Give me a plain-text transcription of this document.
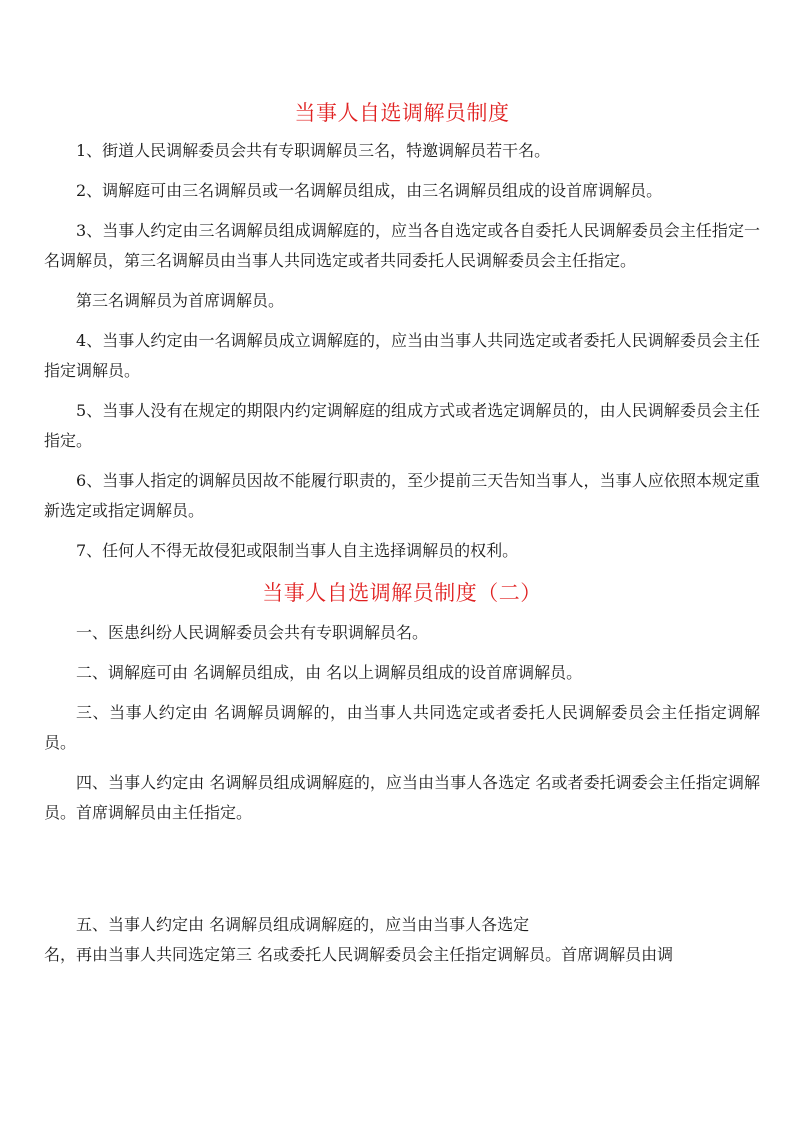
当事人自选调解员制度

1、街道人民调解委员会共有专职调解员三名，特邀调解员若干名。

2、调解庭可由三名调解员或一名调解员组成，由三名调解员组成的设首席调解员。

3、当事人约定由三名调解员组成调解庭的，应当各自选定或各自委托人民调解委员会主任指定一名调解员，第三名调解员由当事人共同选定或者共同委托人民调解委员会主任指定。

第三名调解员为首席调解员。

4、当事人约定由一名调解员成立调解庭的，应当由当事人共同选定或者委托人民调解委员会主任指定调解员。

5、当事人没有在规定的期限内约定调解庭的组成方式或者选定调解员的，由人民调解委员会主任指定。

6、当事人指定的调解员因故不能履行职责的，至少提前三天告知当事人，当事人应依照本规定重新选定或指定调解员。

7、任何人不得无故侵犯或限制当事人自主选择调解员的权利。

当事人自选调解员制度（二）

一、医患纠纷人民调解委员会共有专职调解员名。

二、调解庭可由 名调解员组成，由 名以上调解员组成的设首席调解员。

三、当事人约定由 名调解员调解的，由当事人共同选定或者委托人民调解委员会主任指定调解员。

四、当事人约定由 名调解员组成调解庭的，应当由当事人各选定 名或者委托调委会主任指定调解员。首席调解员由主任指定。

五、当事人约定由 名调解员组成调解庭的，应当由当事人各选定

名，再由当事人共同选定第三 名或委托人民调解委员会主任指定调解员。首席调解员由调
